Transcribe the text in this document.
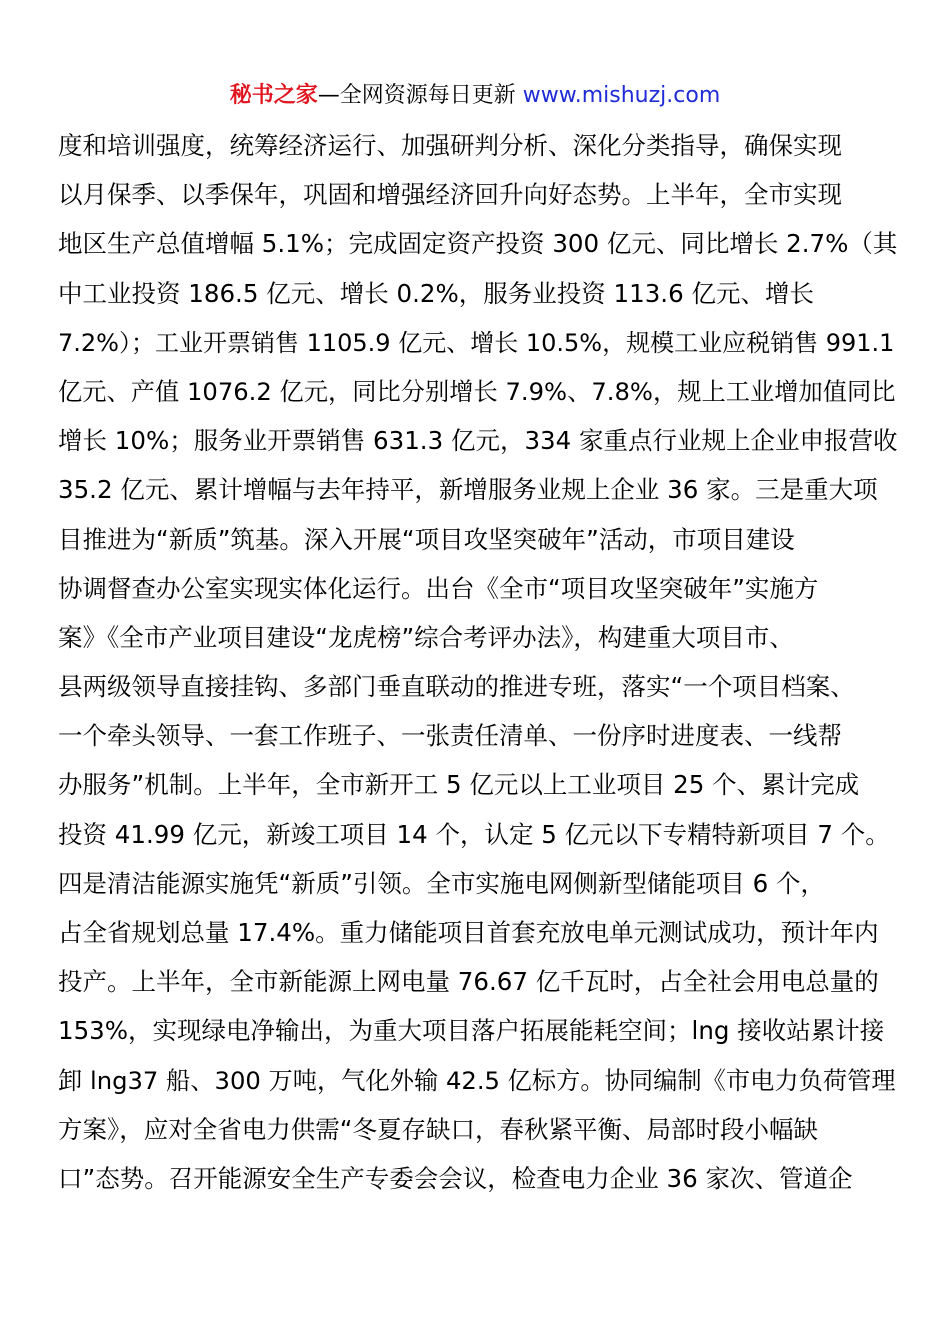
秘书之家—全网资源每日更新 www.mishuzj.com
度和培训强度，统筹经济运行、加强研判分析、深化分类指导，确保实现
以月保季、以季保年，巩固和增强经济回升向好态势。上半年，全市实现
地区生产总值增幅 5.1%；完成固定资产投资 300 亿元、同比增长 2.7%（其
中工业投资 186.5 亿元、增长 0.2%，服务业投资 113.6 亿元、增长
7.2%）；工业开票销售 1105.9 亿元、增长 10.5%，规模工业应税销售 991.1
亿元、产值 1076.2 亿元，同比分别增长 7.9%、7.8%，规上工业增加值同比
增长 10%；服务业开票销售 631.3 亿元，334 家重点行业规上企业申报营收
35.2 亿元、累计增幅与去年持平，新增服务业规上企业 36 家。三是重大项
目推进为“新质”筑基。深入开展“项目攻坚突破年”活动，市项目建设
协调督查办公室实现实体化运行。出台《全市“项目攻坚突破年”实施方
案》《全市产业项目建设“龙虎榜”综合考评办法》，构建重大项目市、
县两级领导直接挂钩、多部门垂直联动的推进专班，落实“一个项目档案、
一个牵头领导、一套工作班子、一张责任清单、一份序时进度表、一线帮
办服务”机制。上半年，全市新开工 5 亿元以上工业项目 25 个、累计完成
投资 41.99 亿元，新竣工项目 14 个，认定 5 亿元以下专精特新项目 7 个。
四是清洁能源实施凭“新质”引领。全市实施电网侧新型储能项目 6 个，
占全省规划总量 17.4%。重力储能项目首套充放电单元测试成功，预计年内
投产。上半年，全市新能源上网电量 76.67 亿千瓦时，占全社会用电总量的
153%，实现绿电净输出，为重大项目落户拓展能耗空间；lng 接收站累计接
卸 lng37 船、300 万吨，气化外输 42.5 亿标方。协同编制《市电力负荷管理
方案》，应对全省电力供需“冬夏存缺口，春秋紧平衡、局部时段小幅缺
口”态势。召开能源安全生产专委会会议，检查电力企业 36 家次、管道企
